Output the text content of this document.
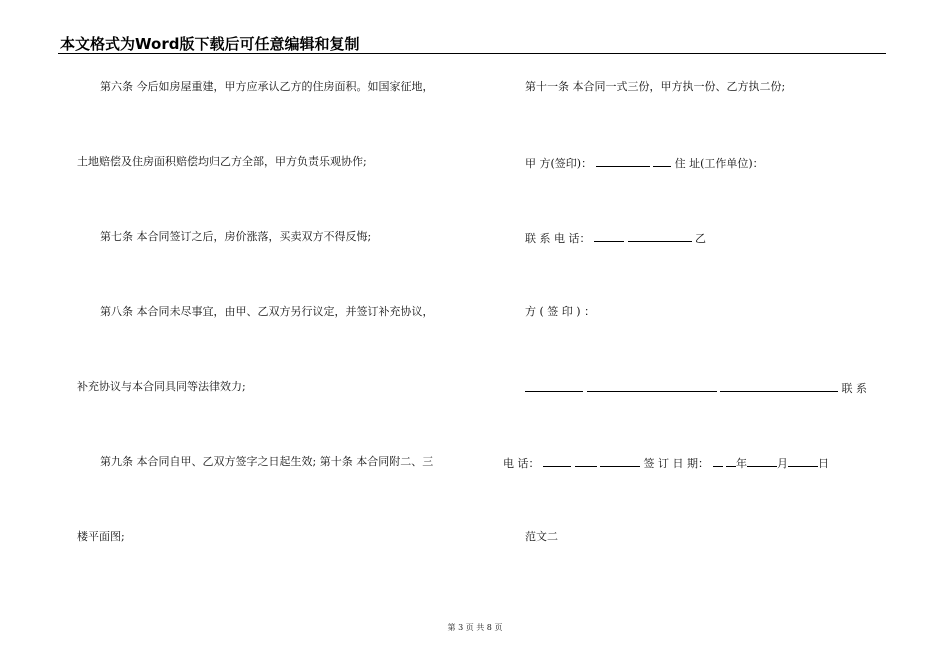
本文格式为Word版下载后可任意编辑和复制
第六条 今后如房屋重建，甲方应承认乙方的住房面积。如国家征地，
土地赔偿及住房面积赔偿均归乙方全部，甲方负责乐观协作;
第七条 本合同签订之后，房价涨落，买卖双方不得反悔;
第八条 本合同未尽事宜，由甲、乙双方另行议定，并签订补充协议，
补充协议与本合同具同等法律效力;
第九条 本合同自甲、乙双方签字之日起生效; 第十条 本合同附二、三
楼平面图;
第十一条 本合同一式三份，甲方执一份、乙方执二份;
甲 方(签印)：	住 址(工作单位)：
联 系 电 话：	乙
方 ( 签 印 ) ：
联 系
电 话：	签 订 日 期： 年	月	日
范文二
第 3 页 共 8 页
